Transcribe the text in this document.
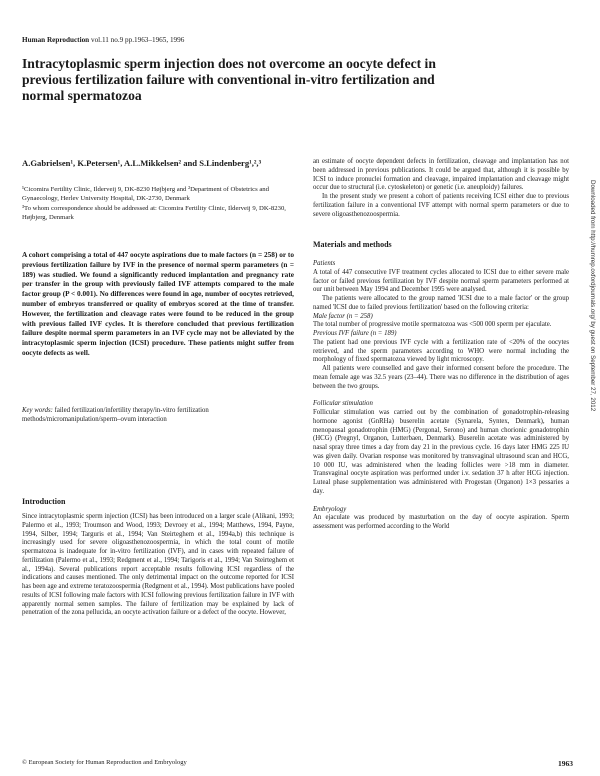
Human Reproduction vol.11 no.9 pp.1963–1965, 1996
Intracytoplasmic sperm injection does not overcome an oocyte defect in previous fertilization failure with conventional in-vitro fertilization and normal spermatozoa
A.Gabrielsen¹, K.Petersen¹, A.L.Mikkelsen² and S.Lindenberg¹,²,³

¹Cicomira Fertility Clinic, Ilderveij 9, DK-8230 Højbjerg and ²Department of Obstetrics and Gynaecology, Herlev University Hospital, DK-2730, Denmark

³To whom correspondence should be addressed at: Cicomira Fertility Clinic, Ilderveij 9, DK-8230, Højbjerg, Denmark

A cohort comprising a total of 447 oocyte aspirations due to male factors (n = 258) or to previous fertilization failure by IVF in the presence of normal sperm parameters (n = 189) was studied. We found a significantly reduced implantation and pregnancy rate per transfer in the group with previously failed IVF attempts compared to the male factor group (P < 0.001). No differences were found in age, number of oocytes retrieved, number of embryos transferred or quality of embryos scored at the time of transfer. However, the fertilization and cleavage rates were found to be reduced in the group with previous failed IVF cycles. It is therefore concluded that previous fertilization failure despite normal sperm parameters in an IVF cycle may not be alleviated by the intracytoplasmic sperm injection (ICSI) procedure. These patients might suffer from oocyte defects as well.

Key words: failed fertilization/infertility therapy/in-vitro fertilization methods/micromanipulation/sperm–ovum interaction

Introduction

Since intracytoplasmic sperm injection (ICSI) has been introduced on a larger scale (Alikani, 1993; Palermo et al., 1993; Troumson and Wood, 1993; Devroey et al., 1994; Matthews, 1994, Payne, 1994, Silber, 1994; Targuris et al., 1994; Van Steirteghem et al., 1994a,b) this technique is increasingly used for severe oligoasthenozoospermia, in which the total count of motile spermatozoa is inadequate for in-vitro fertilization (IVF), and in cases with repeated failure of fertilization (Palermo et al., 1993; Redgment et al., 1994; Tarigoris et al., 1994; Van Steirteghem et al., 1994a). Several publications report acceptable results following ICSI regardless of the indications and causes mentioned. The only detrimental impact on the outcome reported for ICSI has been age and extreme teratozoospermia (Redgment et al., 1994). Most publications have pooled results of ICSI following male factors with ICSI following previous fertilization failure in IVF with apparently normal semen samples. The failure of fertilization may be explained by lack of penetration of the zona pellucida, an oocyte activation failure or a defect of the oocyte. However,

an estimate of oocyte dependent defects in fertilization, cleavage and implantation has not been addressed in previous publications. It could be argued that, although it is possible by ICSI to induce pronuclei formation and cleavage, impaired implantation and cleavage might occur due to structural (i.e. cytoskeleton) or genetic (i.e. aneuploidy) failures.

In the present study we present a cohort of patients receiving ICSI either due to previous fertilization failure in a conventional IVF attempt with normal sperm parameters or due to severe oligoasthenozoospermia.

Materials and methods

Patients

A total of 447 consecutive IVF treatment cycles allocated to ICSI due to either severe male factor or failed previous fertilization by IVF despite normal sperm parameters performed at our unit between May 1994 and December 1995 were analysed.

The patients were allocated to the group named 'ICSI due to a male factor' or the group named 'ICSI due to failed previous fertilization' based on the following criteria:

Male factor (n = 258)

The total number of progressive motile spermatozoa was <500 000 sperm per ejaculate.

Previous IVF failure (n = 189)

The patient had one previous IVF cycle with a fertilization rate of <20% of the oocytes retrieved, and the sperm parameters according to WHO were normal including the morphology of fixed spermatozoa viewed by light microscopy.

All patients were counselled and gave their informed consent before the procedure. The mean female age was 32.5 years (23–44). There was no difference in the distribution of ages between the two groups.

Follicular stimulation

Follicular stimulation was carried out by the combination of gonadotrophin-releasing hormone agonist (GnRHa) buserelin acetate (Synarela, Syntex, Denmark), human menopausal gonadotrophin (HMG) (Pergonal, Serono) and human chorionic gonadotrophin (HCG) (Pregnyl, Organon, Lutterbaen, Denmark). Buserelin acetate was administered by nasal spray three times a day from day 21 in the previous cycle. 16 days later HMG 225 IU was given daily. Ovarian response was monitored by transvaginal ultrasound scan and HCG, 10 000 IU, was administered when the leading follicles were >18 mm in diameter. Transvaginal oocyte aspiration was performed under i.v. sedation 37 h after HCG injection. Luteal phase supplementation was administered with Progestan (Organon) 1×3 pessaries a day.

Embryology

An ejaculate was produced by masturbation on the day of oocyte aspiration. Sperm assessment was performed according to the World

© European Society for Human Reproduction and Embryology	1963
Downloaded from http://humrep.oxfordjournals.org/ by guest on September 27, 2012
